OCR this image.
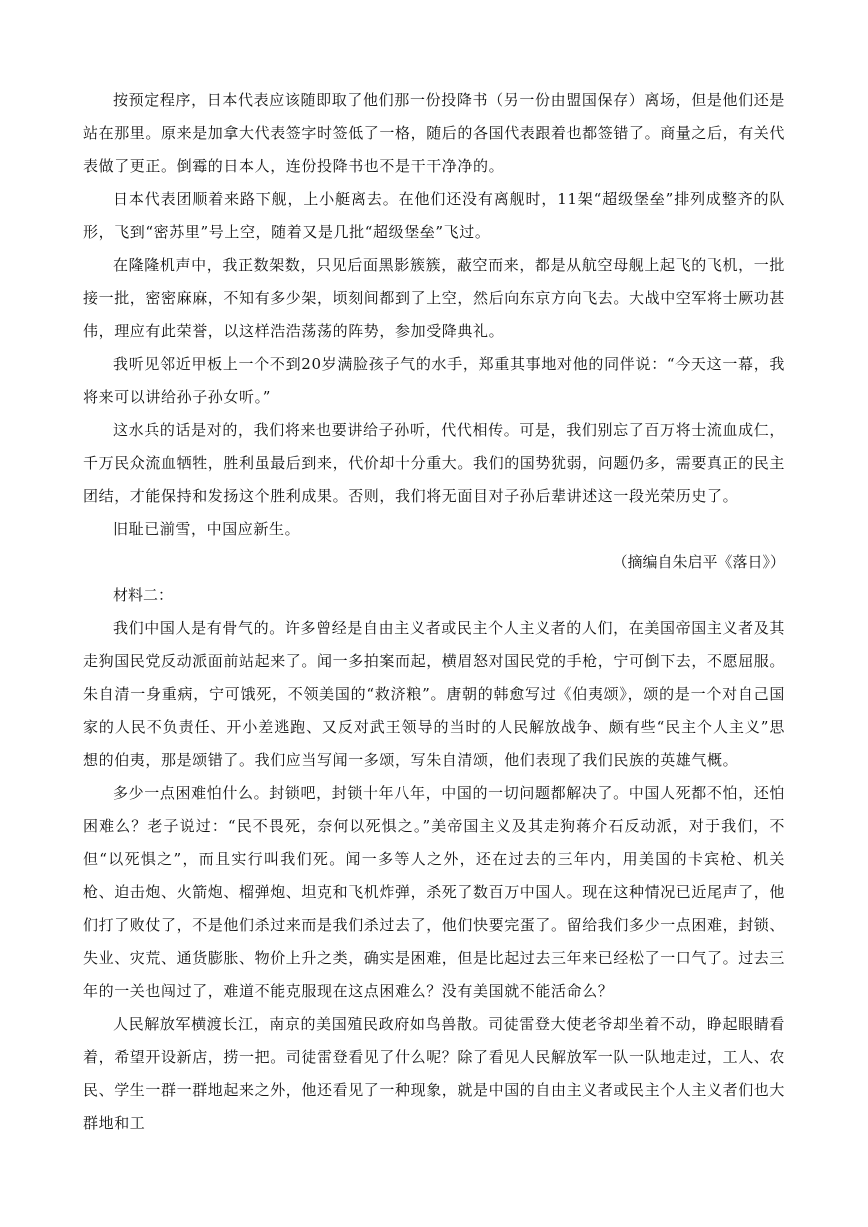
按预定程序，日本代表应该随即取了他们那一份投降书（另一份由盟国保存）离场，但是他们还是站在那里。原来是加拿大代表签字时签低了一格，随后的各国代表跟着也都签错了。商量之后，有关代表做了更正。倒霉的日本人，连份投降书也不是干干净净的。

日本代表团顺着来路下舰，上小艇离去。在他们还没有离舰时，11架“超级堡垒”排列成整齐的队形，飞到“密苏里”号上空，随着又是几批“超级堡垒”飞过。

在隆隆机声中，我正数架数，只见后面黑影簇簇，蔽空而来，都是从航空母舰上起飞的飞机，一批接一批，密密麻麻，不知有多少架，顷刻间都到了上空，然后向东京方向飞去。大战中空军将士厥功甚伟，理应有此荣誉，以这样浩浩荡荡的阵势，参加受降典礼。

我听见邻近甲板上一个不到20岁满脸孩子气的水手，郑重其事地对他的同伴说：“今天这一幕，我将来可以讲给孙子孙女听。”

这水兵的话是对的，我们将来也要讲给子孙听，代代相传。可是，我们别忘了百万将士流血成仁，千万民众流血牺牲，胜利虽最后到来，代价却十分重大。我们的国势犹弱，问题仍多，需要真正的民主团结，才能保持和发扬这个胜利成果。否则，我们将无面目对子孙后辈讲述这一段光荣历史了。

旧耻已湔雪，中国应新生。

（摘编自朱启平《落日》）

材料二：

我们中国人是有骨气的。许多曾经是自由主义者或民主个人主义者的人们，在美国帝国主义者及其走狗国民党反动派面前站起来了。闻一多拍案而起，横眉怒对国民党的手枪，宁可倒下去，不愿屈服。朱自清一身重病，宁可饿死，不领美国的“救济粮”。唐朝的韩愈写过《伯夷颂》，颂的是一个对自己国家的人民不负责任、开小差逃跑、又反对武王领导的当时的人民解放战争、颇有些“民主个人主义”思想的伯夷，那是颂错了。我们应当写闻一多颂，写朱自清颂，他们表现了我们民族的英雄气概。

多少一点困难怕什么。封锁吧，封锁十年八年，中国的一切问题都解决了。中国人死都不怕，还怕困难么？老子说过：“民不畏死，奈何以死惧之。”美帝国主义及其走狗蒋介石反动派，对于我们，不但“以死惧之”，而且实行叫我们死。闻一多等人之外，还在过去的三年内，用美国的卡宾枪、机关枪、迫击炮、火箭炮、榴弹炮、坦克和飞机炸弹，杀死了数百万中国人。现在这种情况已近尾声了，他们打了败仗了，不是他们杀过来而是我们杀过去了，他们快要完蛋了。留给我们多少一点困难，封锁、失业、灾荒、通货膨胀、物价上升之类，确实是困难，但是比起过去三年来已经松了一口气了。过去三年的一关也闯过了，难道不能克服现在这点困难么？没有美国就不能活命么？

人民解放军横渡长江，南京的美国殖民政府如鸟兽散。司徒雷登大使老爷却坐着不动，睁起眼睛看着，希望开设新店，捞一把。司徒雷登看见了什么呢？除了看见人民解放军一队一队地走过，工人、农民、学生一群一群地起来之外，他还看见了一种现象，就是中国的自由主义者或民主个人主义者们也大群地和工
